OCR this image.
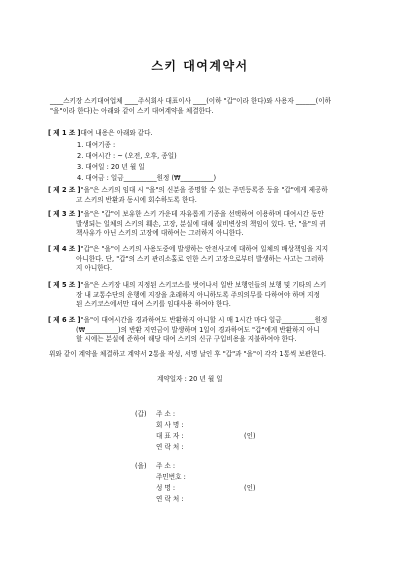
스키 대여계약서
____스키장 스키대여업체 ____주식회사 대표이사 ____(이하 "갑"이라 한다)와 사용자 ______(이하
"을"이라 한다)는 아래와 같이 스키 대여계약을 체결한다.
[ 제 1 조 ]대여 내용은 아래와 같다.
1. 대여기종 :
2. 대여시간 : ~ (오전, 오후, 종일)
3. 대여일 : 20 년 월 일
4. 대여금 : 일금__________원정 (₩__________)
[ 제 2 조 ]"을"은 스키의 임대 시 "을"의 신분을 증명할 수 있는 주민등록증 등을 "갑"에게 제공하
고 스키의 반환과 동시에 회수하도록 한다.
[ 제 3 조 ]"을"은 "갑"이 보유한 스키 가운데 자유롭게 기종을 선택하여 이용하며 대여시간 동안
발생되는 일체의 스키의 훼손, 고장, 분실에 대해 실비변상의 책임이 있다. 단, "을"의 귀
책사유가 아닌 스키의 고장에 대하여는 그러하지 아니한다.
[ 제 4 조 ]"갑"은 "을"이 스키의 사용도중에 발생하는 안전사고에 대하여 일체의 배상책임을 지지
아니한다. 단, "갑"의 스키 관리소홀로 인한 스키 고장으로부터 발생하는 사고는 그러하
지 아니한다.
[ 제 5 조 ]"을"은 스키장 내의 지정된 스키코스를 벗어나서 일반 보행인들의 보행 및 기타의 스키
장 내 교통수단의 운행에 지장을 초래하지 아니하도록 주의의무를 다하여야 하며 지정
된 스키코스에서만 대여 스키를 임대사용 하여야 한다.
[ 제 6 조 ]"을"이 대여시간을 경과하여도 반환하지 아니할 시 매 1시간 마다 일금__________원정
(₩__________)의 반환 지연금이 발생하며 1일이 경과하여도 "갑"에게 반환하지 아니
할 시에는 분실에 준하여 해당 대여 스키의 신규 구입비용을 지불하여야 한다.
위와 같이 계약을 체결하고 계약서 2통을 작성, 서명 날인 후 "갑"과 "을"이 각각 1통씩 보관한다.
계약일자 : 20 년 월 일
(갑) 주 소 :
회 사 명 :
대 표 자 :	(인)
연 락 처 :
(을) 주 소 :
주민번호 :
성 명 :	(인)
연 락 처 :
